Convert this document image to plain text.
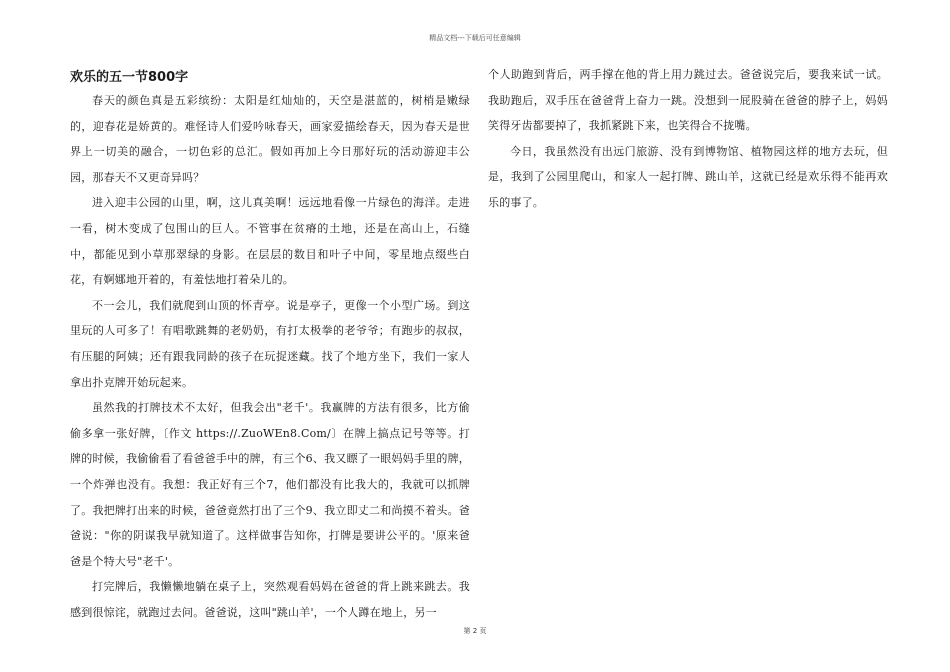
精品文档---下载后可任意编辑
欢乐的五一节800字

春天的颜色真是五彩缤纷：太阳是红灿灿的，天空是湛蓝的，树梢是嫩绿的，迎春花是娇黄的。难怪诗人们爱吟咏春天，画家爱描绘春天，因为春天是世界上一切美的融合，一切色彩的总汇。假如再加上今日那好玩的活动游迎丰公园，那春天不又更奇异吗？

进入迎丰公园的山里，啊，这儿真美啊！远远地看像一片绿色的海洋。走进一看，树木变成了包围山的巨人。不管事在贫瘠的土地，还是在高山上，石缝中，都能见到小草那翠绿的身影。在层层的数目和叶子中间，零星地点缀些白花，有婀娜地开着的，有羞怯地打着朵儿的。

不一会儿，我们就爬到山顶的怀青亭。说是亭子，更像一个小型广场。到这里玩的人可多了！有唱歌跳舞的老奶奶，有打太极拳的老爷爷；有跑步的叔叔，有压腿的阿姨；还有跟我同龄的孩子在玩捉迷藏。找了个地方坐下，我们一家人拿出扑克牌开始玩起来。

虽然我的打牌技术不太好，但我会出"老千'。我赢牌的方法有很多，比方偷偷多拿一张好牌，〔作文 https://.ZuoWEn8.Com/〕在牌上搞点记号等等。打牌的时候，我偷偷看了看爸爸手中的牌，有三个6、我又瞟了一眼妈妈手里的牌，一个炸弹也没有。我想：我正好有三个7，他们都没有比我大的，我就可以抓牌了。我把牌打出来的时候，爸爸竟然打出了三个9、我立即丈二和尚摸不着头。爸爸说："你的阴谋我早就知道了。这样做事告知你，打牌是要讲公平的。'原来爸爸是个特大号"老千'。

打完牌后，我懒懒地躺在桌子上，突然观看妈妈在爸爸的背上跳来跳去。我感到很惊诧，就跑过去问。爸爸说，这叫"跳山羊'，一个人蹲在地上，另一

个人助跑到背后，两手撑在他的背上用力跳过去。爸爸说完后，要我来试一试。我助跑后，双手压在爸爸背上奋力一跳。没想到一屁股骑在爸爸的脖子上，妈妈笑得牙齿都要掉了，我抓紧跳下来，也笑得合不拢嘴。

今日，我虽然没有出远门旅游、没有到博物馆、植物园这样的地方去玩，但是，我到了公园里爬山，和家人一起打牌、跳山羊，这就已经是欢乐得不能再欢乐的事了。

第 2 页
